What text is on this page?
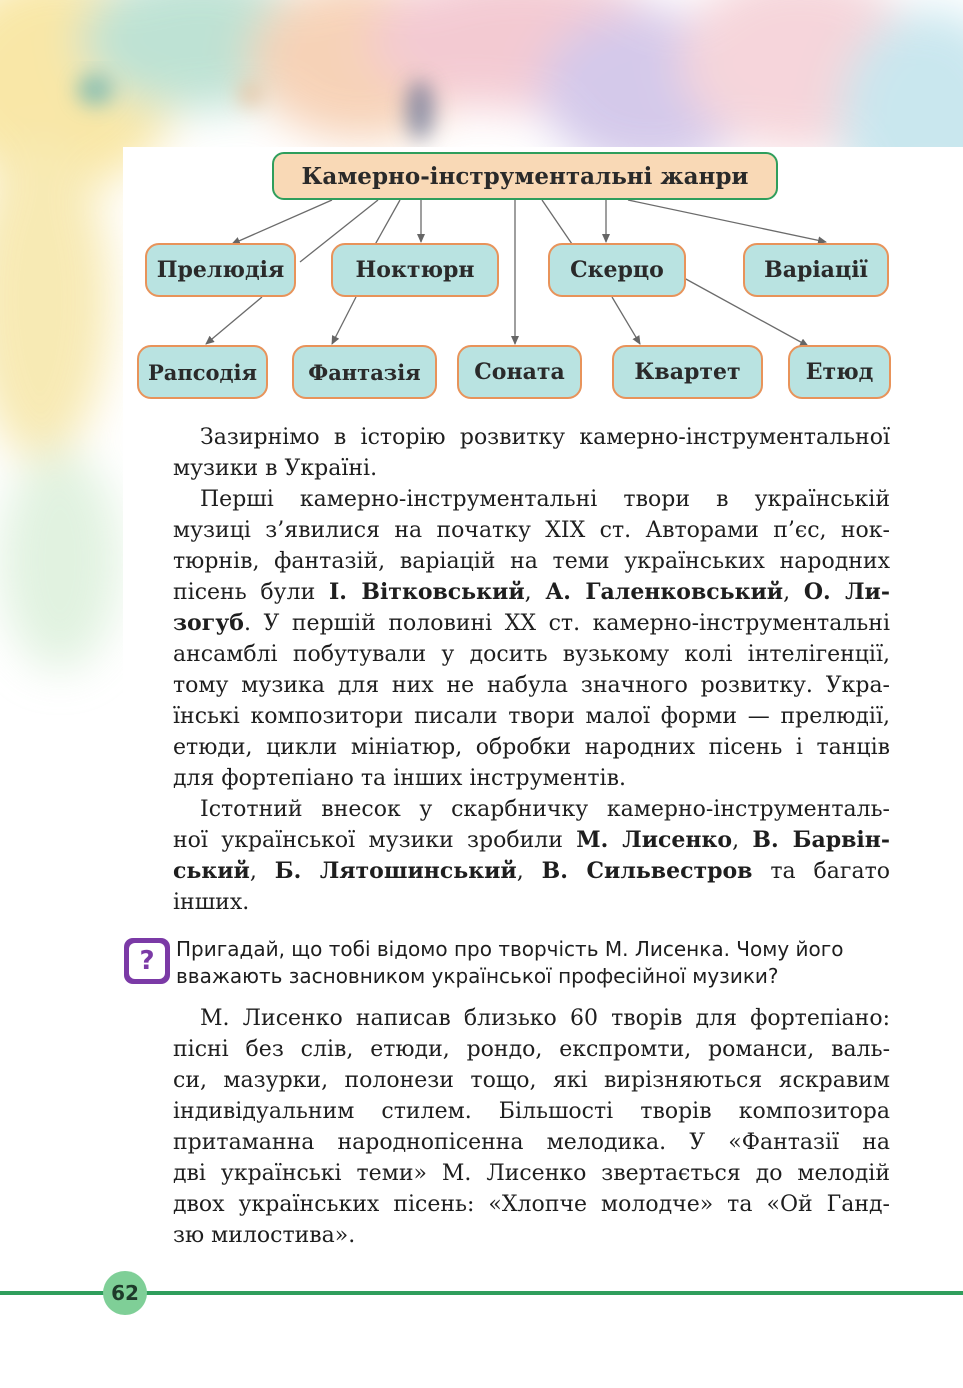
Камерно-інструментальні жанри
Прелюдія	Ноктюрн	Скерцо	Варіації
Рапсодія	Фантазія	Соната	Квартет	Етюд
Зазирнімо в історію розвитку камерно-інструментальної
музики в Україні.
Перші камерно-інструментальні твори в українській
музиці з’явилися на початку XIX ст. Авторами п’єс, нок-
тюрнів, фантазій, варіацій на теми українських народних
пісень були І. Вітковський, А. Галенковський, О. Ли-
зогуб. У першій половині XX ст. камерно-інструментальні
ансамблі побутували у досить вузькому колі інтелігенції,
тому музика для них не набула значного розвитку. Укра-
їнські композитори писали твори малої форми — прелюдії,
етюди, цикли мініатюр, обробки народних пісень і танців
для фортепіано та інших інструментів.
Істотний внесок у скарбничку камерно-інструменталь-
ної української музики зробили М. Лисенко, В. Барвін-
ський, Б. Лятошинський, В. Сильвестров та багато
інших.
?	Пригадай, що тобі відомо про творчість М. Лисенка. Чому його
вважають засновником української професійної музики?
М. Лисенко написав близько 60 творів для фортепіано:
пісні без слів, етюди, рондо, експромти, романси, валь-
си, мазурки, полонези тощо, які вирізняються яскравим
індивідуальним стилем. Більшості творів композитора
притаманна народнопісенна мелодика. У «Фантазії на
дві українські теми» М. Лисенко звертається до мелодій
двох українських пісень: «Хлопче молодче» та «Ой Ганд-
зю милостива».
62
